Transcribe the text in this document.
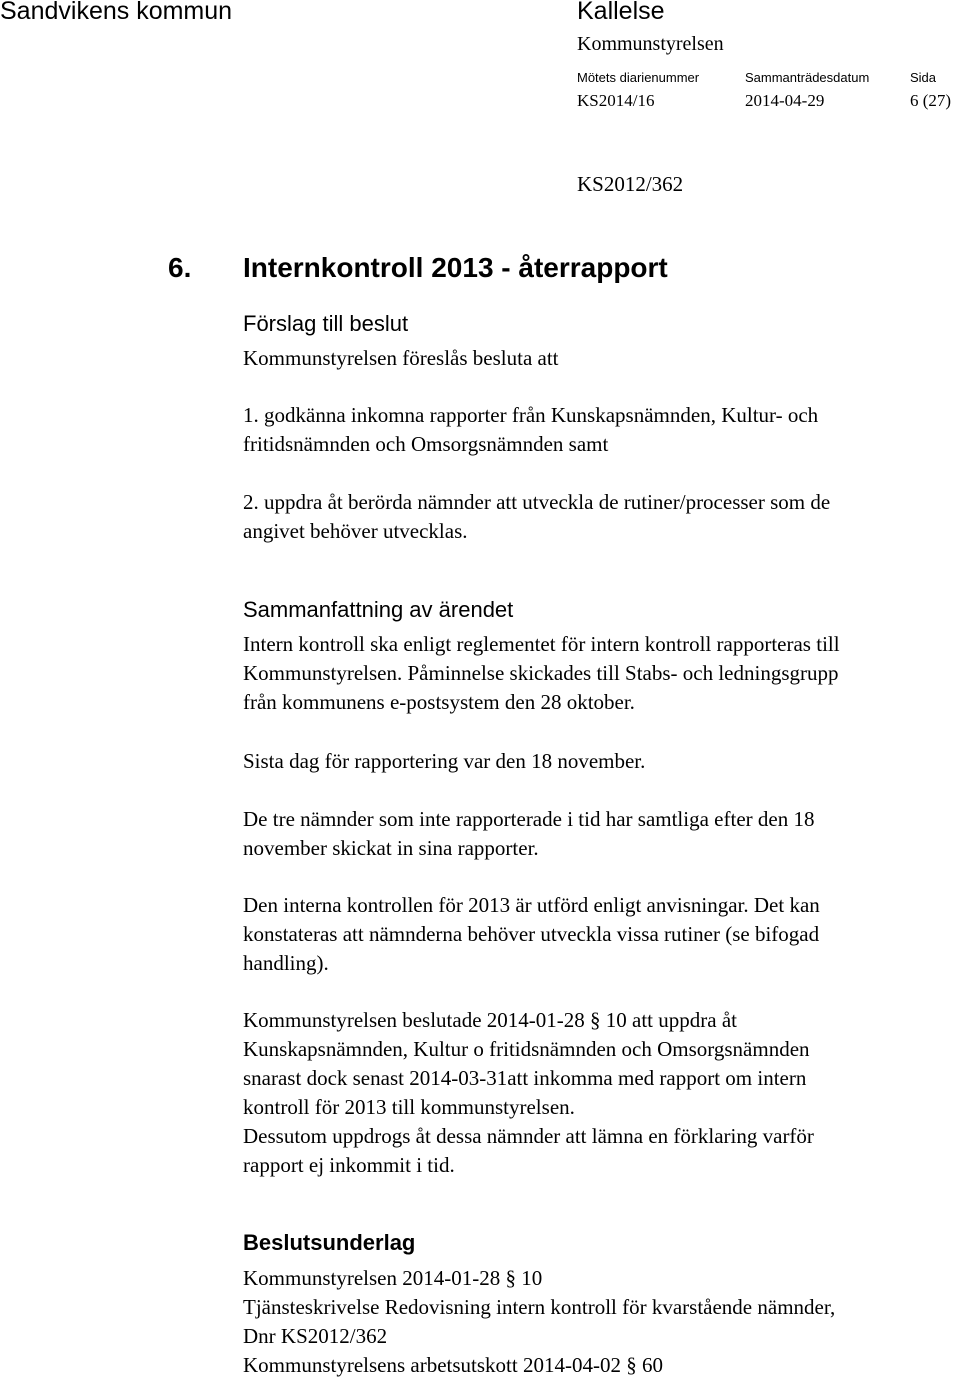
Sandvikens kommun	Kallelse
Kommunstyrelsen
Mötets diarienummer	Sammanträdesdatum	Sida
KS2014/16	2014-04-29	6 (27)
KS2012/362
6. Internkontroll 2013 - återrapport
Förslag till beslut
Kommunstyrelsen föreslås besluta att
1. godkänna inkomna rapporter från Kunskapsnämnden, Kultur- och
fritidsnämnden och Omsorgsnämnden samt
2. uppdra åt berörda nämnder att utveckla de rutiner/processer som de
angivet behöver utvecklas.
Sammanfattning av ärendet
Intern kontroll ska enligt reglementet för intern kontroll rapporteras till
Kommunstyrelsen. Påminnelse skickades till Stabs- och ledningsgrupp
från kommunens e-postsystem den 28 oktober.
Sista dag för rapportering var den 18 november.
De tre nämnder som inte rapporterade i tid har samtliga efter den 18
november skickat in sina rapporter.
Den interna kontrollen för 2013 är utförd enligt anvisningar. Det kan
konstateras att nämnderna behöver utveckla vissa rutiner (se bifogad
handling).
Kommunstyrelsen beslutade 2014-01-28 § 10 att uppdra åt
Kunskapsnämnden, Kultur o fritidsnämnden och Omsorgsnämnden
snarast dock senast 2014-03-31att inkomma med rapport om intern
kontroll för 2013 till kommunstyrelsen.
Dessutom uppdrogs åt dessa nämnder att lämna en förklaring varför
rapport ej inkommit i tid.
Beslutsunderlag
Kommunstyrelsen 2014-01-28 § 10
Tjänsteskrivelse Redovisning intern kontroll för kvarstående nämnder,
Dnr KS2012/362
Kommunstyrelsens arbetsutskott 2014-04-02 § 60
